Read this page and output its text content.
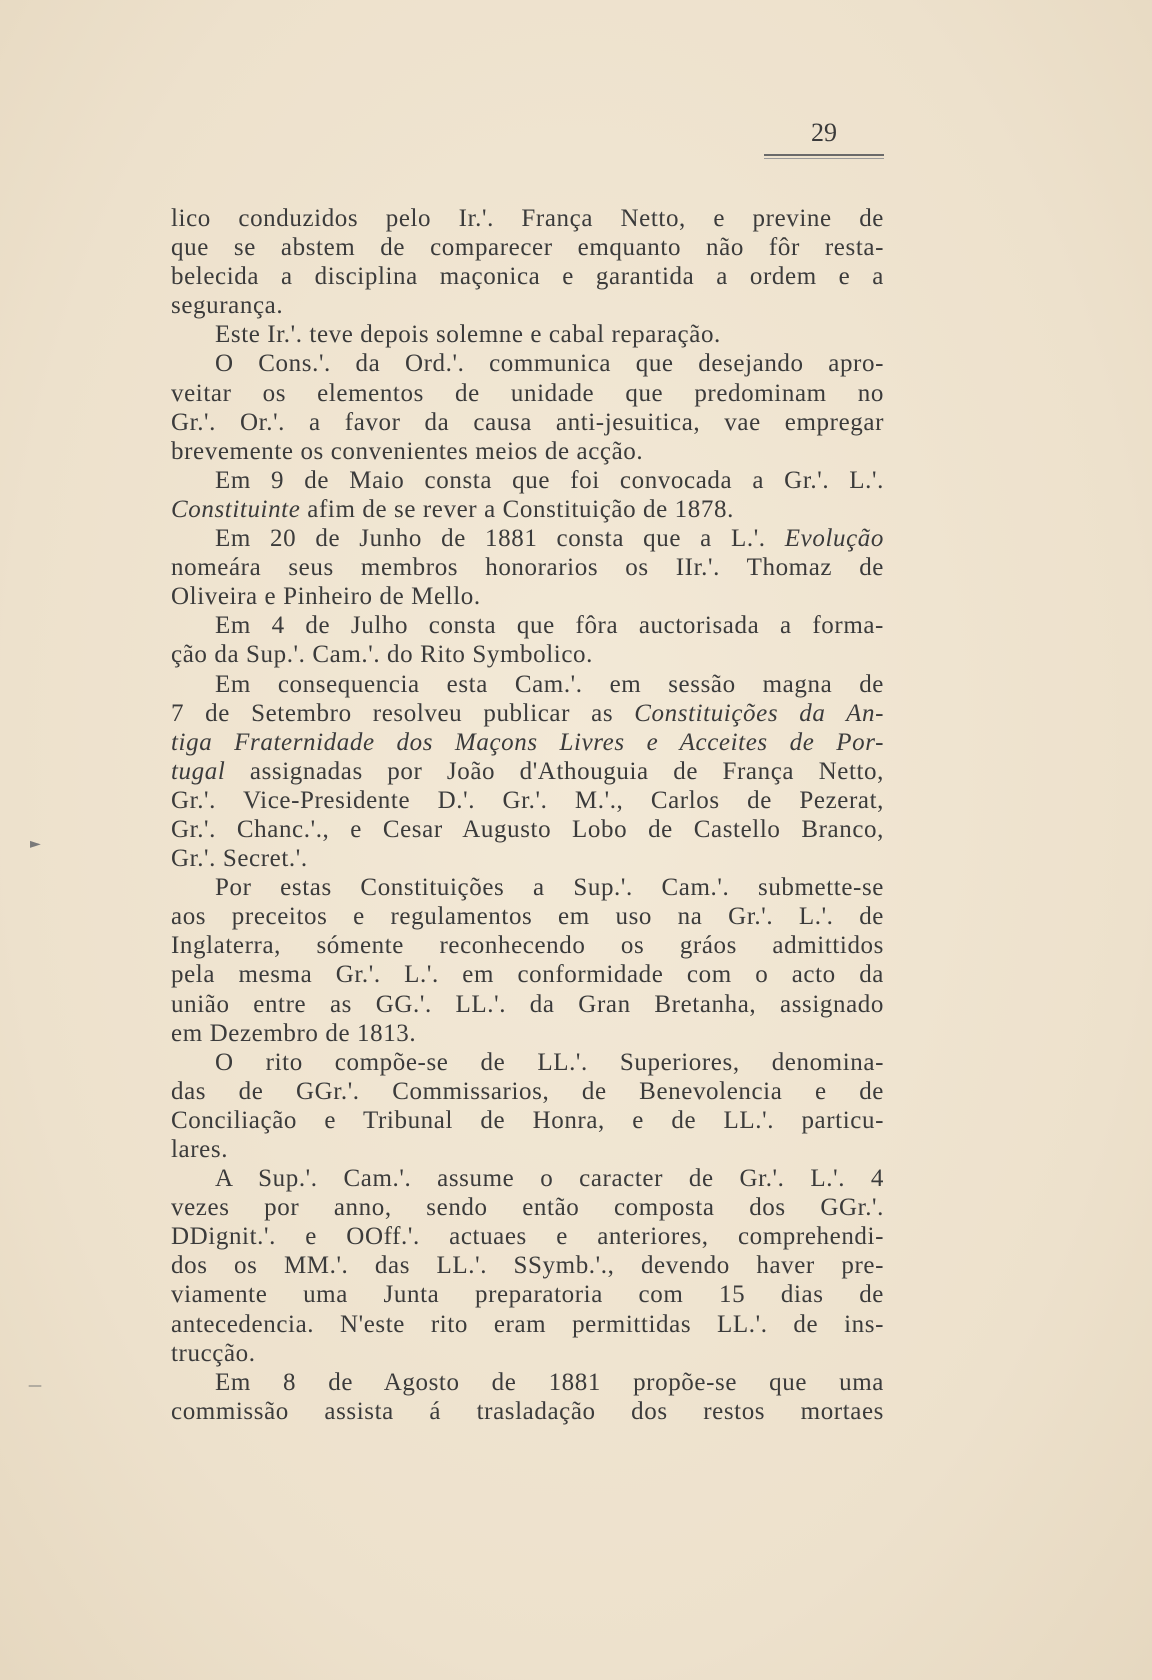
29
lico conduzidos pelo Ir.'. França Netto, e previne de
que se abstem de comparecer emquanto não fôr resta-
belecida a disciplina maçonica e garantida a ordem e a
segurança.
Este Ir.'. teve depois solemne e cabal reparação.
O Cons.'. da Ord.'. communica que desejando apro-
veitar os elementos de unidade que predominam no
Gr.'. Or.'. a favor da causa anti-jesuitica, vae empregar
brevemente os convenientes meios de acção.
Em 9 de Maio consta que foi convocada a Gr.'. L.'.
Constituinte afim de se rever a Constituição de 1878.
Em 20 de Junho de 1881 consta que a L.'. Evolução
nomeára seus membros honorarios os IIr.'. Thomaz de
Oliveira e Pinheiro de Mello.
Em 4 de Julho consta que fôra auctorisada a forma-
ção da Sup.'. Cam.'. do Rito Symbolico.
Em consequencia esta Cam.'. em sessão magna de
7 de Setembro resolveu publicar as Constituições da An-
tiga Fraternidade dos Maçons Livres e Acceites de Por-
tugal assignadas por João d'Athouguia de França Netto,
Gr.'. Vice-Presidente D.'. Gr.'. M.'., Carlos de Pezerat,
Gr.'. Chanc.'., e Cesar Augusto Lobo de Castello Branco,
Gr.'. Secret.'.
Por estas Constituições a Sup.'. Cam.'. submette-se
aos preceitos e regulamentos em uso na Gr.'. L.'. de
Inglaterra, sómente reconhecendo os gráos admittidos
pela mesma Gr.'. L.'. em conformidade com o acto da
união entre as GG.'. LL.'. da Gran Bretanha, assignado
em Dezembro de 1813.
O rito compõe-se de LL.'. Superiores, denomina-
das de GGr.'. Commissarios, de Benevolencia e de
Conciliação e Tribunal de Honra, e de LL.'. particu-
lares.
A Sup.'. Cam.'. assume o caracter de Gr.'. L.'. 4
vezes por anno, sendo então composta dos GGr.'.
DDignit.'. e OOff.'. actuaes e anteriores, comprehendi-
dos os MM.'. das LL.'. SSymb.'., devendo haver pre-
viamente uma Junta preparatoria com 15 dias de
antecedencia. N'este rito eram permittidas LL.'. de ins-
trucção.
Em 8 de Agosto de 1881 propõe-se que uma
commissão assista á trasladação dos restos mortaes
►
—
